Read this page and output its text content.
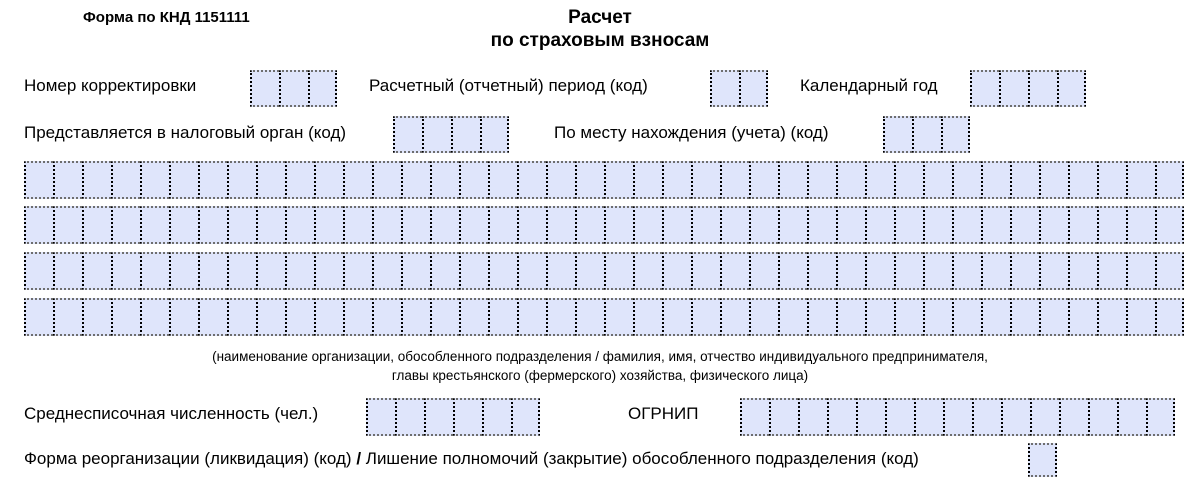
Форма по КНД 1151111	Расчет
по страховым взносам
Номер корректировки	Расчетный (отчетный) период (код)	Календарный год
Представляется в налоговый орган (код)	По месту нахождения (учета) (код)
(наименование организации, обособленного подразделения / фамилия, имя, отчество индивидуального предпринимателя,
главы крестьянского (фермерского) хозяйства, физического лица)
Среднесписочная численность (чел.)	ОГРНИП
Форма реорганизации (ликвидация) (код) / Лишение полномочий (закрытие) обособленного подразделения (код)
